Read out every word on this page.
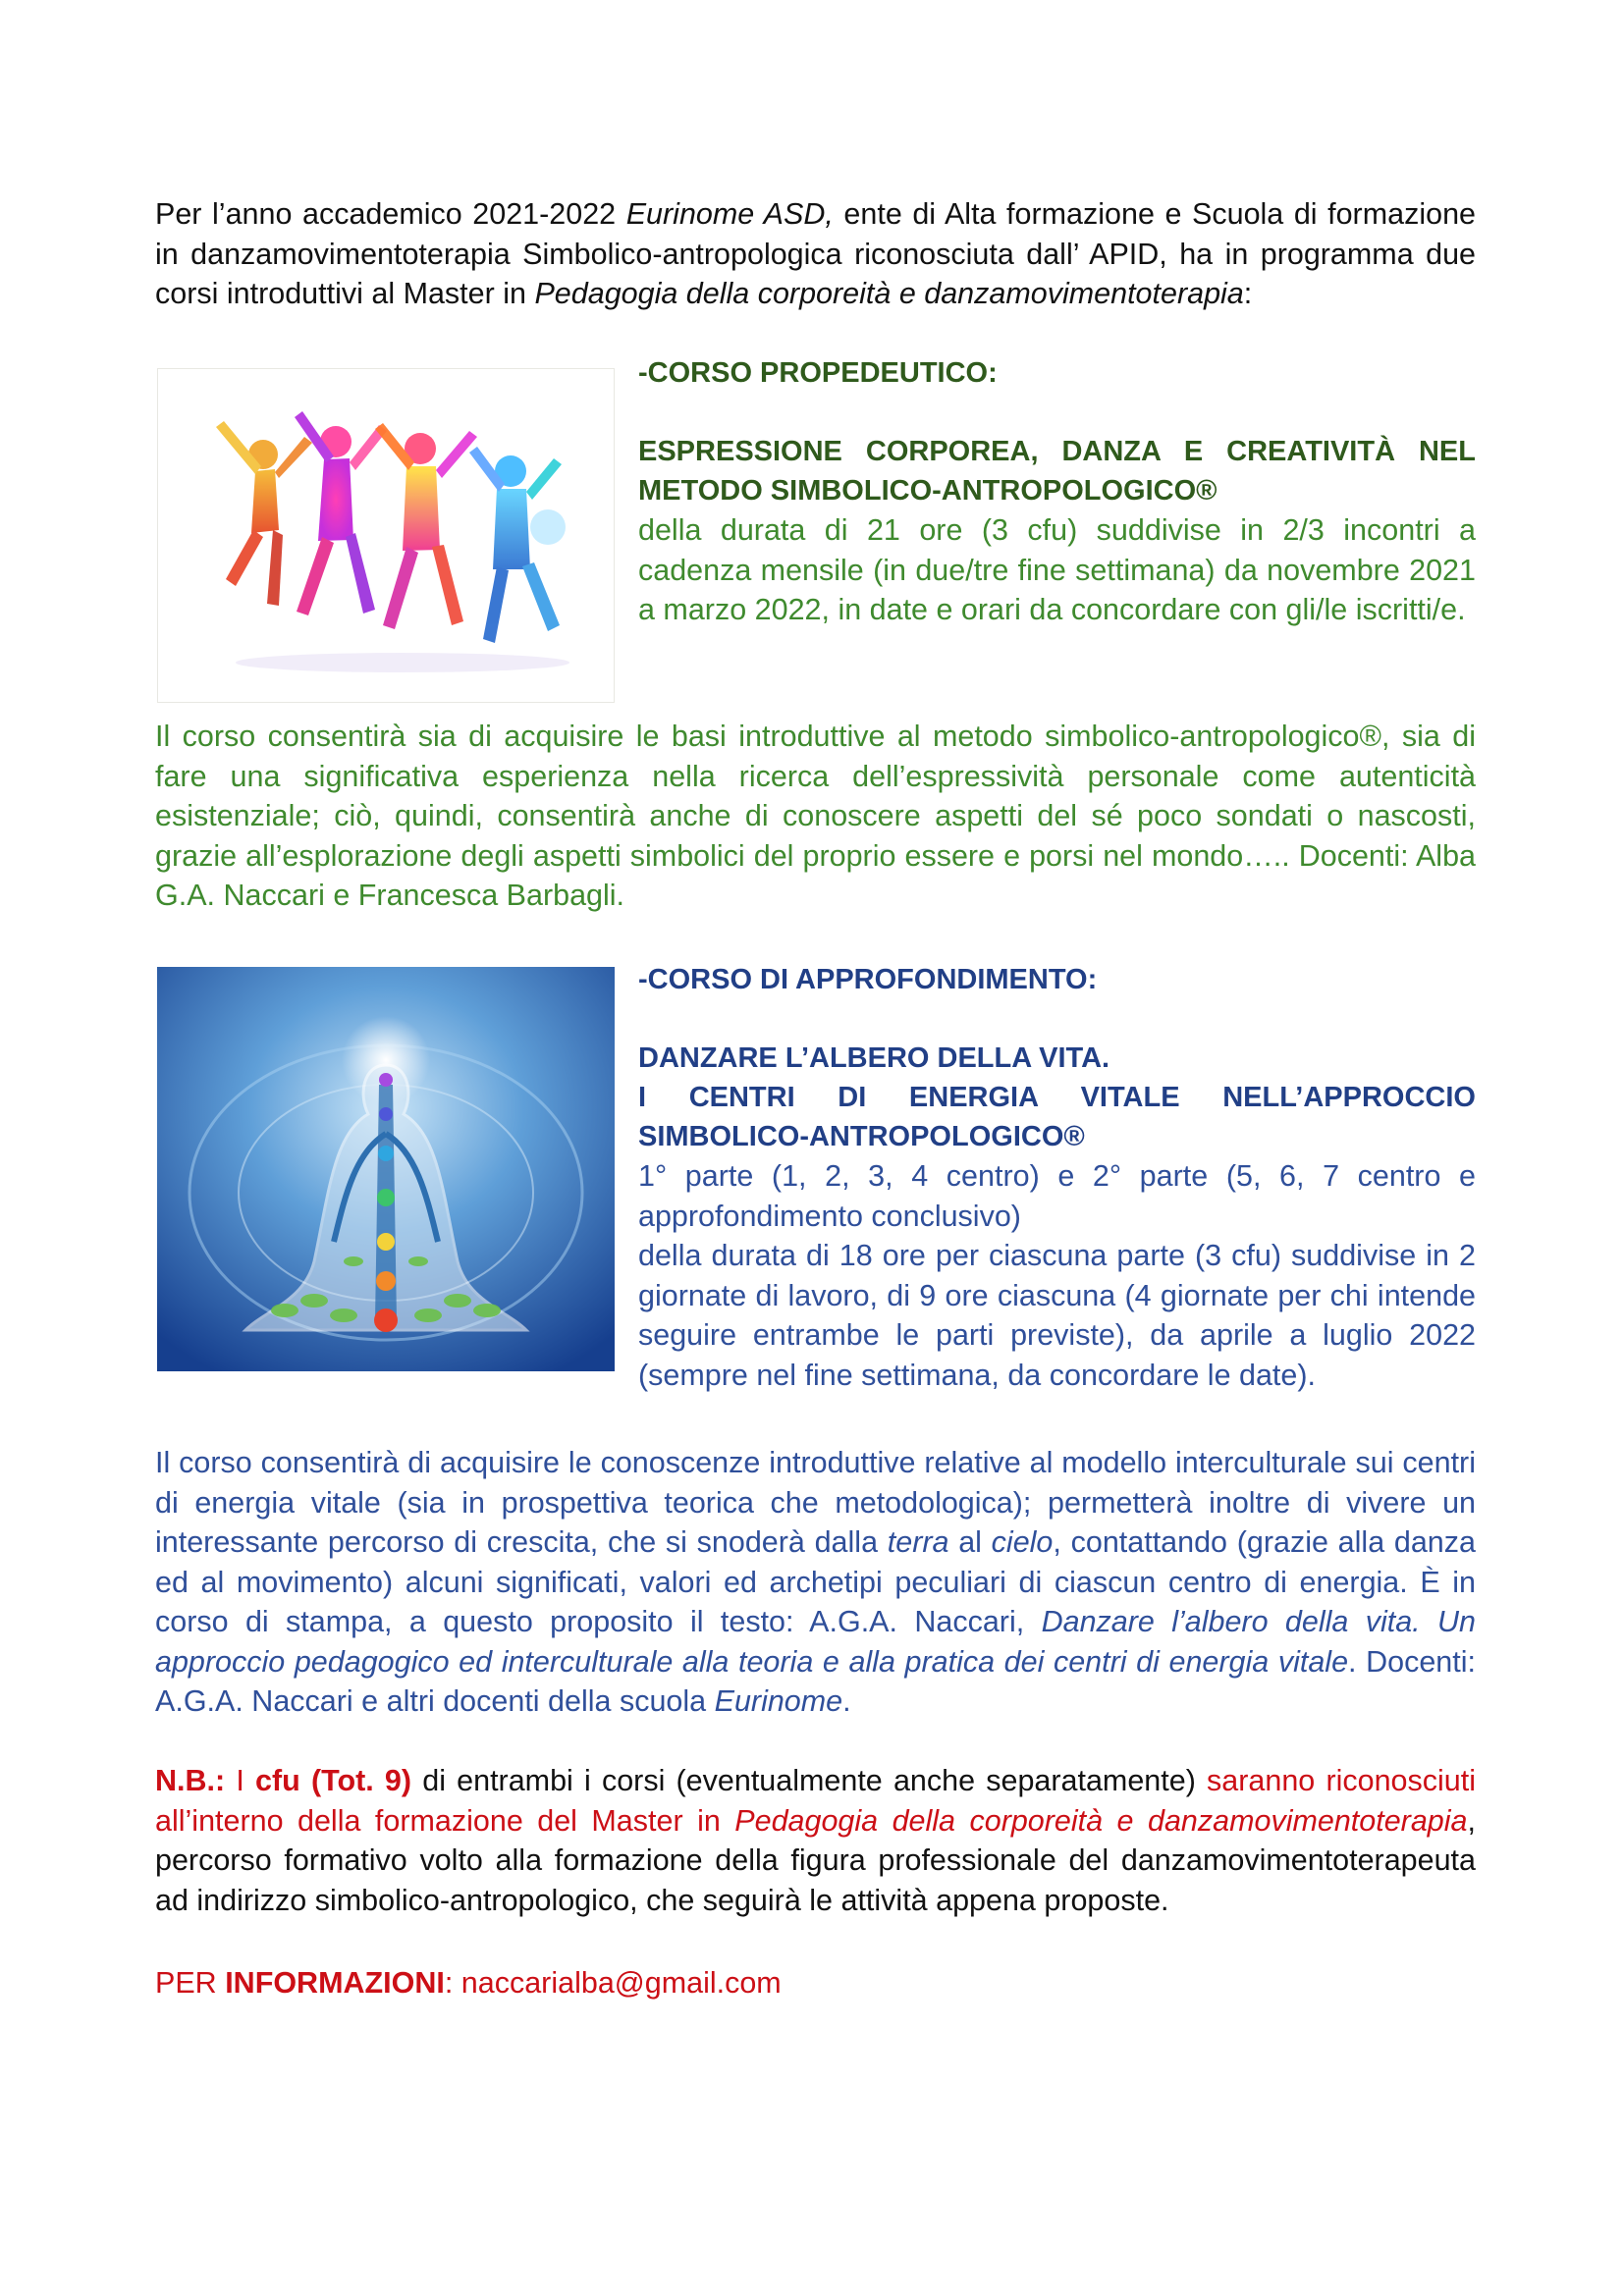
Per l’anno accademico 2021-2022 Eurinome ASD, ente di Alta formazione e Scuola di formazione in danzamovimentoterapia Simbolico-antropologica riconosciuta dall’ APID, ha in programma due corsi introduttivi al Master in Pedagogia della corporeità e danzamovimentoterapia:

-CORSO PROPEDEUTICO:

ESPRESSIONE CORPOREA, DANZA E CREATIVITÀ NEL METODO SIMBOLICO-ANTROPOLOGICO®

della durata di 21 ore (3 cfu) suddivise in 2/3 incontri a cadenza mensile (in due/tre fine settimana) da novembre 2021 a marzo 2022, in date e orari da concordare con gli/le iscritti/e.

Il corso consentirà sia di acquisire le basi introduttive al metodo simbolico-antropologico®, sia di fare una significativa esperienza nella ricerca dell’espressività personale come autenticità esistenziale; ciò, quindi, consentirà anche di conoscere aspetti del sé poco sondati o nascosti, grazie all’esplorazione degli aspetti simbolici del proprio essere e porsi nel mondo….. Docenti: Alba G.A. Naccari e Francesca Barbagli.

-CORSO DI APPROFONDIMENTO:

DANZARE L’ALBERO DELLA VITA.

I CENTRI DI ENERGIA VITALE NELL’APPROCCIO SIMBOLICO-ANTROPOLOGICO®

1° parte (1, 2, 3, 4 centro) e 2° parte (5, 6, 7 centro e approfondimento conclusivo)

della durata di 18 ore per ciascuna parte (3 cfu) suddivise in 2 giornate di lavoro, di 9 ore ciascuna (4 giornate per chi intende seguire entrambe le parti previste), da aprile a luglio 2022 (sempre nel fine settimana, da concordare le date).

Il corso consentirà di acquisire le conoscenze introduttive relative al modello interculturale sui centri di energia vitale (sia in prospettiva teorica che metodologica); permetterà inoltre di vivere un interessante percorso di crescita, che si snoderà dalla terra al cielo, contattando (grazie alla danza ed al movimento) alcuni significati, valori ed archetipi peculiari di ciascun centro di energia. È in corso di stampa, a questo proposito il testo: A.G.A. Naccari, Danzare l’albero della vita. Un approccio pedagogico ed interculturale alla teoria e alla pratica dei centri di energia vitale. Docenti: A.G.A. Naccari e altri docenti della scuola Eurinome.

N.B.: I cfu (Tot. 9) di entrambi i corsi (eventualmente anche separatamente) saranno riconosciuti all’interno della formazione del Master in Pedagogia della corporeità e danzamovimentoterapia, percorso formativo volto alla formazione della figura professionale del danzamovimentoterapeuta ad indirizzo simbolico-antropologico, che seguirà le attività appena proposte.

PER INFORMAZIONI: naccarialba@gmail.com
